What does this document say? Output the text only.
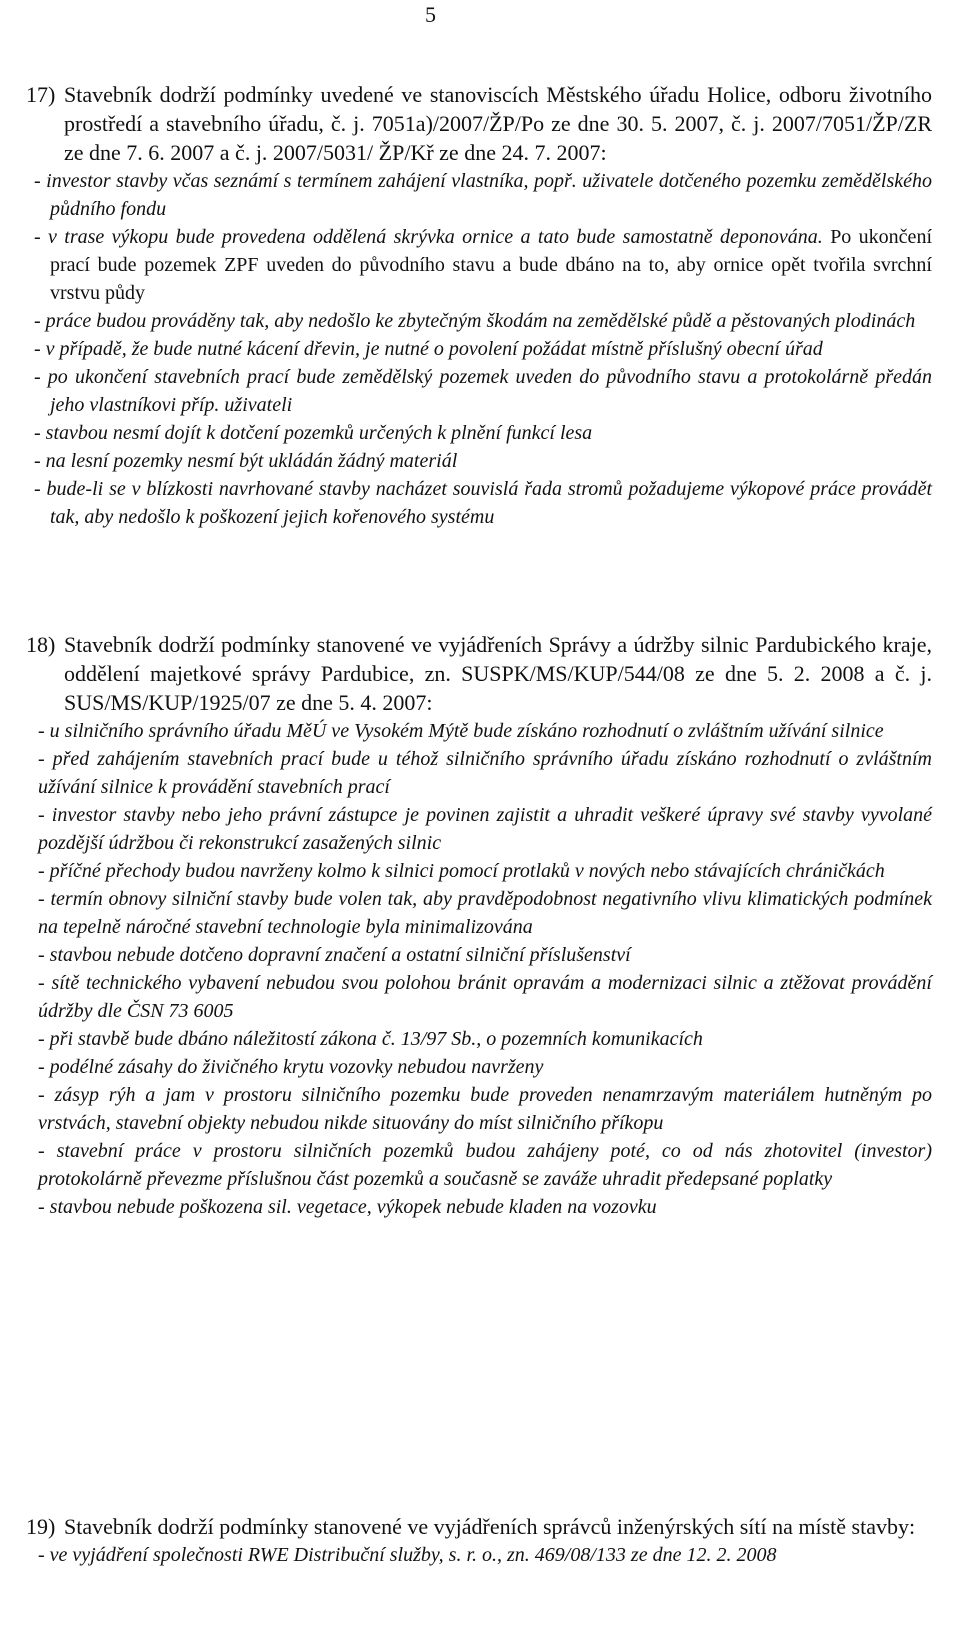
5
17) Stavebník dodrží podmínky uvedené ve stanoviscích Městského úřadu Holice, odboru životního prostředí a stavebního úřadu, č. j. 7051a)/2007/ŽP/Po ze dne 30. 5. 2007, č. j. 2007/7051/ŽP/ZR ze dne 7. 6. 2007 a č. j. 2007/5031/ ŽP/Kř ze dne 24. 7. 2007:
- investor stavby včas seznámí s termínem zahájení vlastníka, popř. uživatele dotčeného pozemku zemědělského půdního fondu
- v trase výkopu bude provedena oddělená skrývka ornice a tato bude samostatně deponována. Po ukončení prací bude pozemek ZPF uveden do původního stavu a bude dbáno na to, aby ornice opět tvořila svrchní vrstvu půdy
- práce budou prováděny tak, aby nedošlo ke zbytečným škodám na zemědělské půdě a pěstovaných plodinách
- v případě, že bude nutné kácení dřevin, je nutné o povolení požádat místně příslušný obecní úřad
- po ukončení stavebních prací bude zemědělský pozemek uveden do původního stavu a protokolárně předán jeho vlastníkovi příp. uživateli
- stavbou nesmí dojít k dotčení pozemků určených k plnění funkcí lesa
- na lesní pozemky nesmí být ukládán žádný materiál
- bude-li se v blízkosti navrhované stavby nacházet souvislá řada stromů požadujeme výkopové práce provádět tak, aby nedošlo k poškození jejich kořenového systému
18) Stavebník dodrží podmínky stanovené ve vyjádřeních Správy a údržby silnic Pardubického kraje, oddělení majetkové správy Pardubice, zn. SUSPK/MS/KUP/544/08 ze dne 5. 2. 2008 a č. j. SUS/MS/KUP/1925/07 ze dne 5. 4. 2007:
- u silničního správního úřadu MěÚ ve Vysokém Mýtě bude získáno rozhodnutí o zvláštním užívání silnice
- před zahájením stavebních prací bude u téhož silničního správního úřadu získáno rozhodnutí o zvláštním užívání silnice k provádění stavebních prací
- investor stavby nebo jeho právní zástupce je povinen zajistit a uhradit veškeré úpravy své stavby vyvolané pozdější údržbou či rekonstrukcí zasažených silnic
- příčné přechody budou navrženy kolmo k silnici pomocí protlaků v nových nebo stávajících chráničkách
- termín obnovy silniční stavby bude volen tak, aby pravděpodobnost negativního vlivu klimatických podmínek na tepelně náročné stavební technologie byla minimalizována
- stavbou nebude dotčeno dopravní značení a ostatní silniční příslušenství
- sítě technického vybavení nebudou svou polohou bránit opravám a modernizaci silnic a ztěžovat provádění údržby dle ČSN 73 6005
- při stavbě bude dbáno náležitostí zákona č. 13/97 Sb., o pozemních komunikacích
- podélné zásahy do živičného krytu vozovky nebudou navrženy
- zásyp rýh a jam v prostoru silničního pozemku bude proveden nenamrzavým materiálem hutněným po vrstvách, stavební objekty nebudou nikde situovány do míst silničního příkopu
- stavební práce v prostoru silničních pozemků budou zahájeny poté, co od nás zhotovitel (investor) protokolárně převezme příslušnou část pozemků a současně se zaváže uhradit předepsané poplatky
- stavbou nebude poškozena sil. vegetace, výkopek nebude kladen na vozovku
19) Stavebník dodrží podmínky stanovené ve vyjádřeních správců inženýrských sítí na místě stavby:
- ve vyjádření společnosti RWE Distribuční služby, s. r. o., zn. 469/08/133 ze dne 12. 2. 2008
